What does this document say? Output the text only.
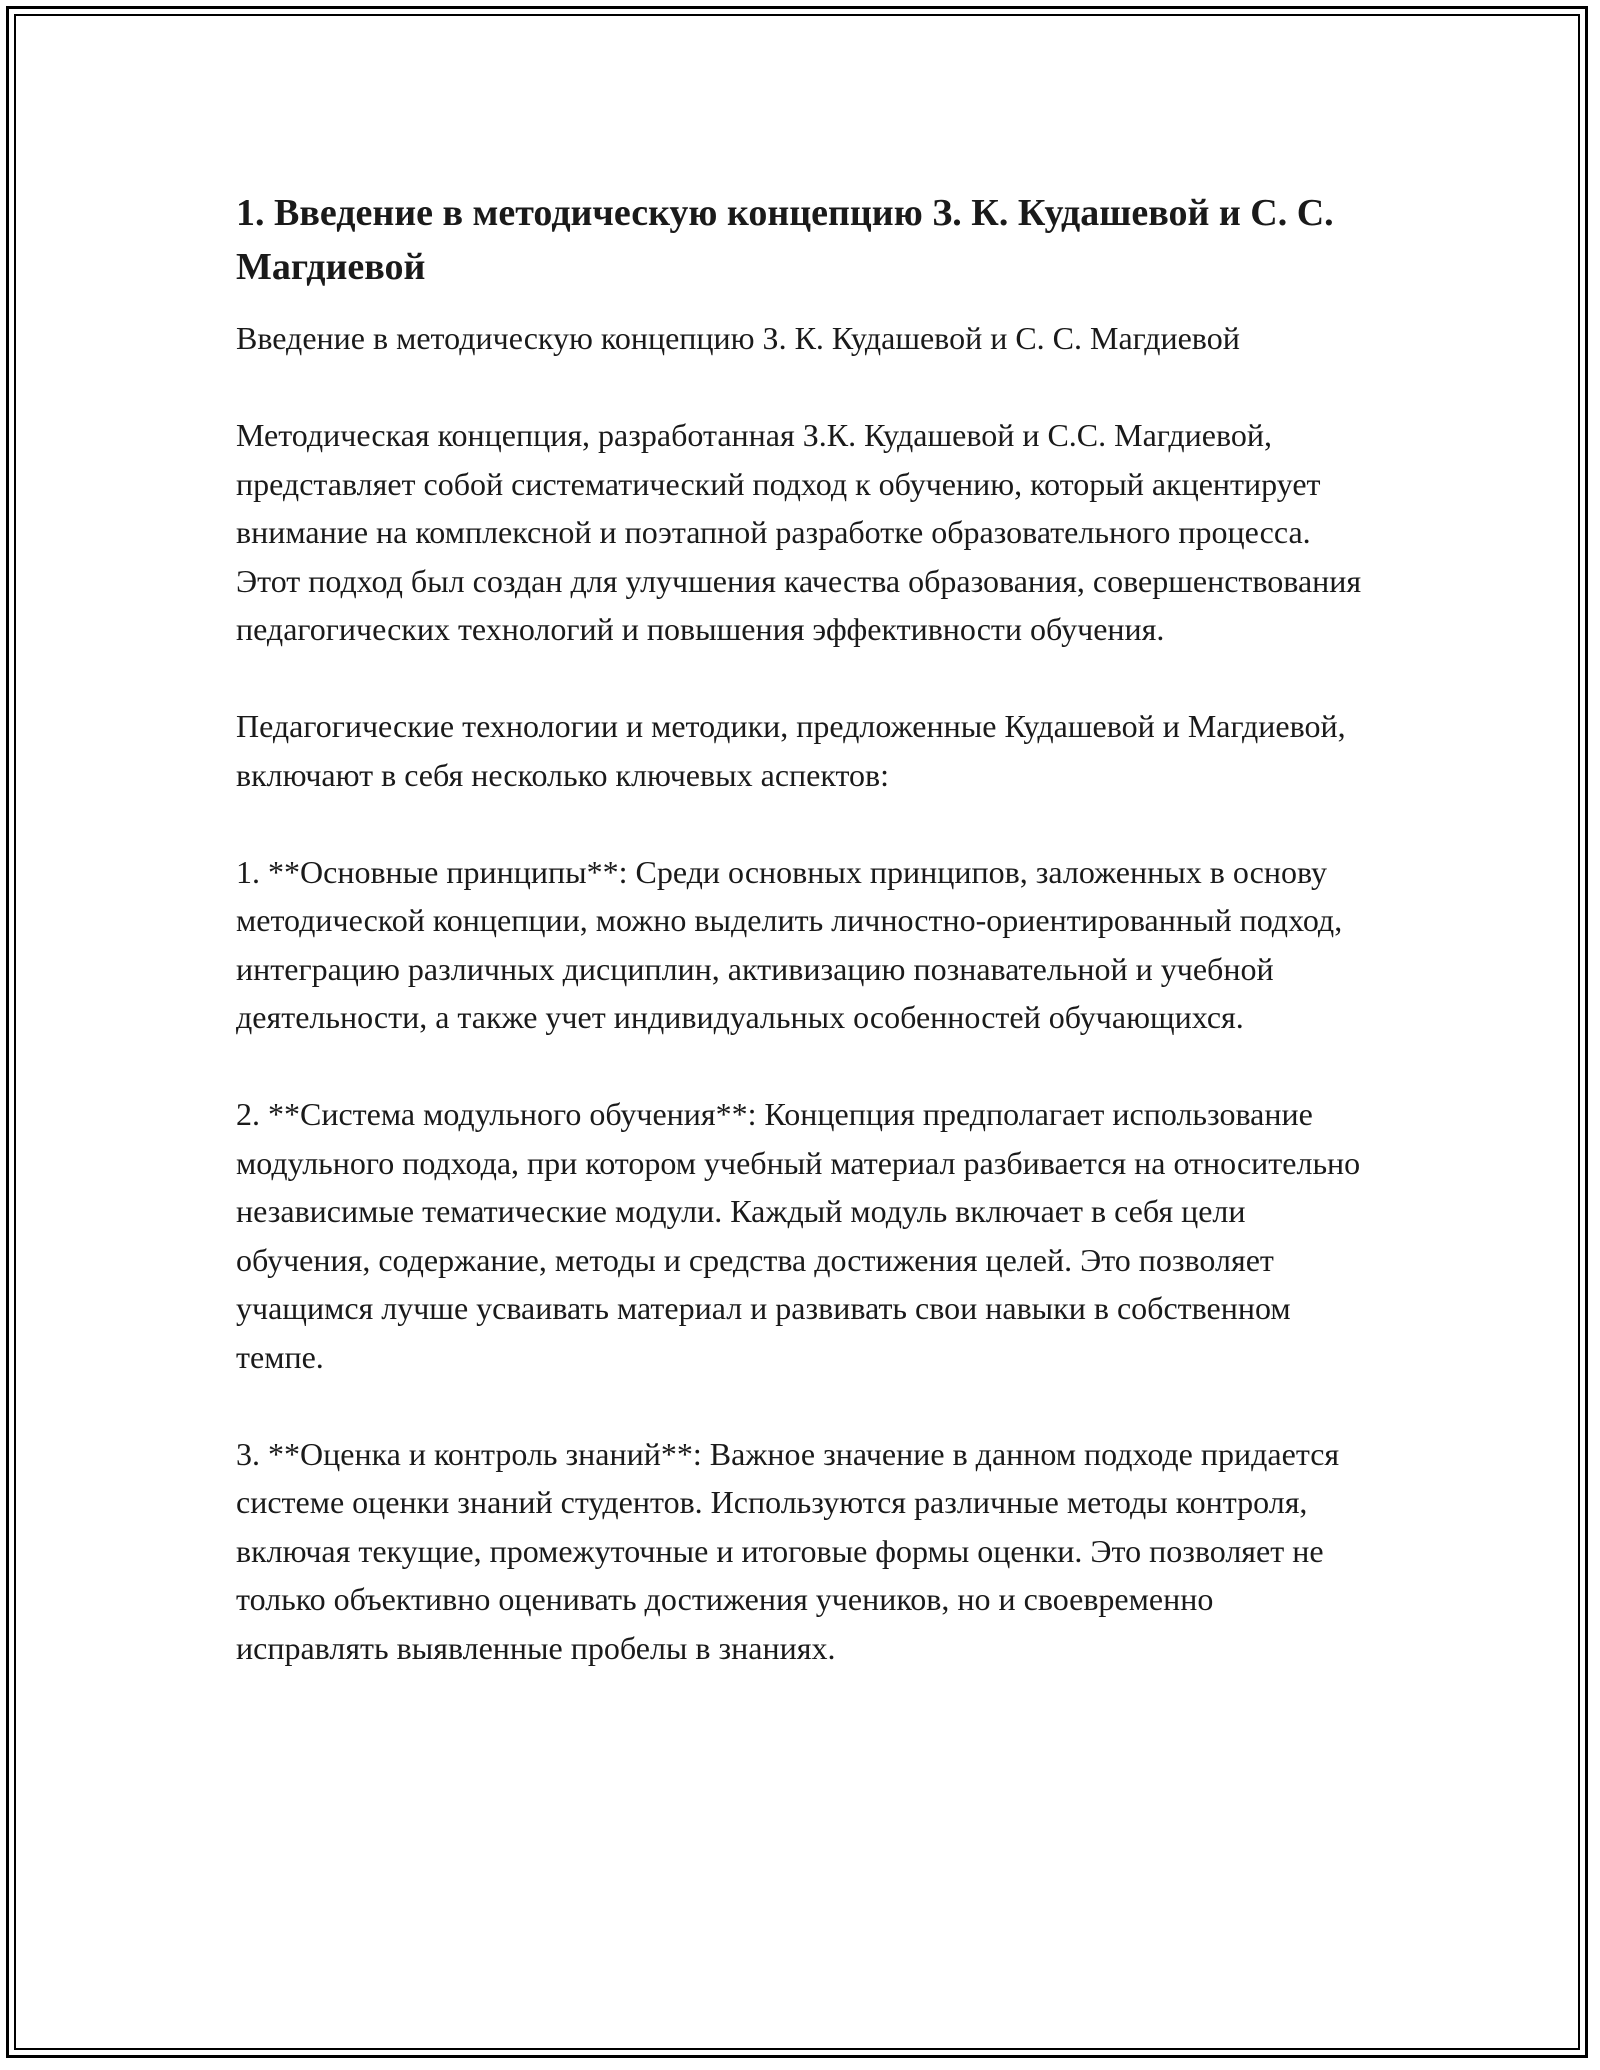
1. Введение в методическую концепцию З. К. Кудашевой и С. С. Магдиевой

Введение в методическую концепцию З. К. Кудашевой и С. С. Магдиевой

Методическая концепция, разработанная З.К. Кудашевой и С.С. Магдиевой, представляет собой систематический подход к обучению, который акцентирует внимание на комплексной и поэтапной разработке образовательного процесса. Этот подход был создан для улучшения качества образования, совершенствования педагогических технологий и повышения эффективности обучения.

Педагогические технологии и методики, предложенные Кудашевой и Магдиевой, включают в себя несколько ключевых аспектов:

1. **Основные принципы**: Среди основных принципов, заложенных в основу методической концепции, можно выделить личностно-ориентированный подход, интеграцию различных дисциплин, активизацию познавательной и учебной деятельности, а также учет индивидуальных особенностей обучающихся.

2. **Система модульного обучения**: Концепция предполагает использование модульного подхода, при котором учебный материал разбивается на относительно независимые тематические модули. Каждый модуль включает в себя цели обучения, содержание, методы и средства достижения целей. Это позволяет учащимся лучше усваивать материал и развивать свои навыки в собственном темпе.

3. **Оценка и контроль знаний**: Важное значение в данном подходе придается системе оценки знаний студентов. Используются различные методы контроля, включая текущие, промежуточные и итоговые формы оценки. Это позволяет не только объективно оценивать достижения учеников, но и своевременно исправлять выявленные пробелы в знаниях.
